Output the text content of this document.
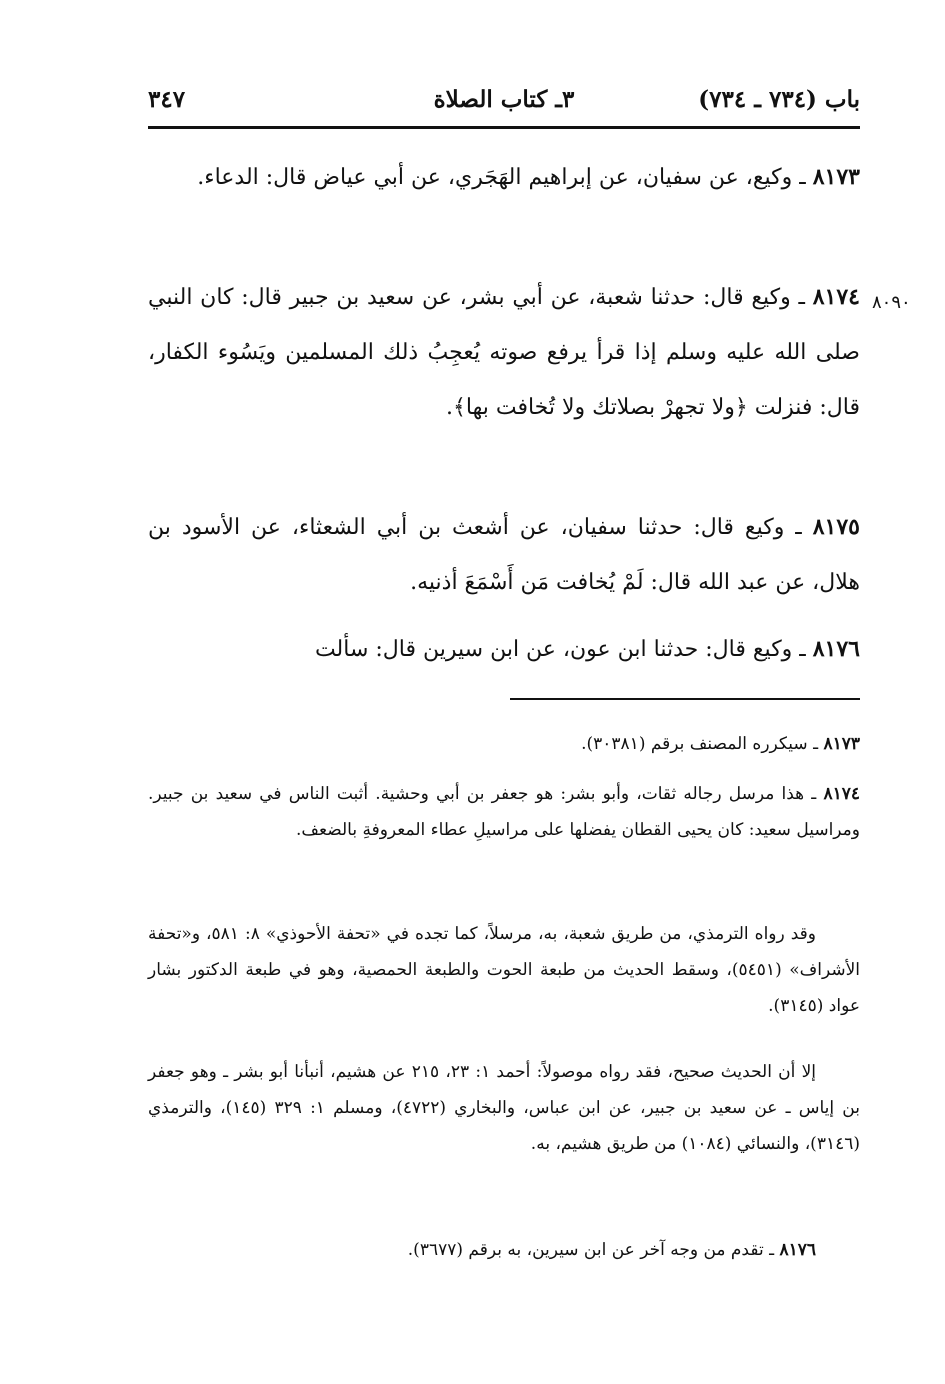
باب (٧٣٤ ـ ٧٣٤)
٣ـ كتاب الصلاة
٣٤٧
٨٠٩٠
٨١٧٣ ـ وكيع، عن سفيان، عن إبراهيم الهَجَري، عن أبي عياض قال: الدعاء.
٨١٧٤ ـ وكيع قال: حدثنا شعبة، عن أبي بشر، عن سعيد بن جبير قال: كان النبي صلى الله عليه وسلم إذا قرأ يرفع صوته يُعجِبُ ذلك المسلمين ويَسُوء الكفار، قال: فنزلت ﴿ولا تجهرْ بصلاتك ولا تُخافت بها﴾.
٨١٧٥ ـ وكيع قال: حدثنا سفيان، عن أشعث بن أبي الشعثاء، عن الأسود بن هلال، عن عبد الله قال: لَمْ يُخافت مَن أَسْمَعَ أذنيه.
٨١٧٦ ـ وكيع قال: حدثنا ابن عون، عن ابن سيرين قال: سألت
٨١٧٣ ـ سيكرره المصنف برقم (٣٠٣٨١).
٨١٧٤ ـ هذا مرسل رجاله ثقات، وأبو بشر: هو جعفر بن أبي وحشية. أثبت الناس في سعيد بن جبير. ومراسيل سعيد: كان يحيى القطان يفضلها على مراسيلِ عطاء المعروفةِ بالضعف.
وقد رواه الترمذي، من طريق شعبة، به، مرسلاً، كما تجده في «تحفة الأحوذي» ٨: ٥٨١، و«تحفة الأشراف» (٥٤٥١)، وسقط الحديث من طبعة الحوت والطبعة الحمصية، وهو في طبعة الدكتور بشار عواد (٣١٤٥).
إلا أن الحديث صحيح، فقد رواه موصولاً: أحمد ١: ٢٣، ٢١٥ عن هشيم، أنبأنا أبو بشر ـ وهو جعفر بن إياس ـ عن سعيد بن جبير، عن ابن عباس، والبخاري (٤٧٢٢)، ومسلم ١: ٣٢٩ (١٤٥)، والترمذي (٣١٤٦)، والنسائي (١٠٨٤) من طريق هشيم، به.
٨١٧٦ ـ تقدم من وجه آخر عن ابن سيرين، به برقم (٣٦٧٧).
